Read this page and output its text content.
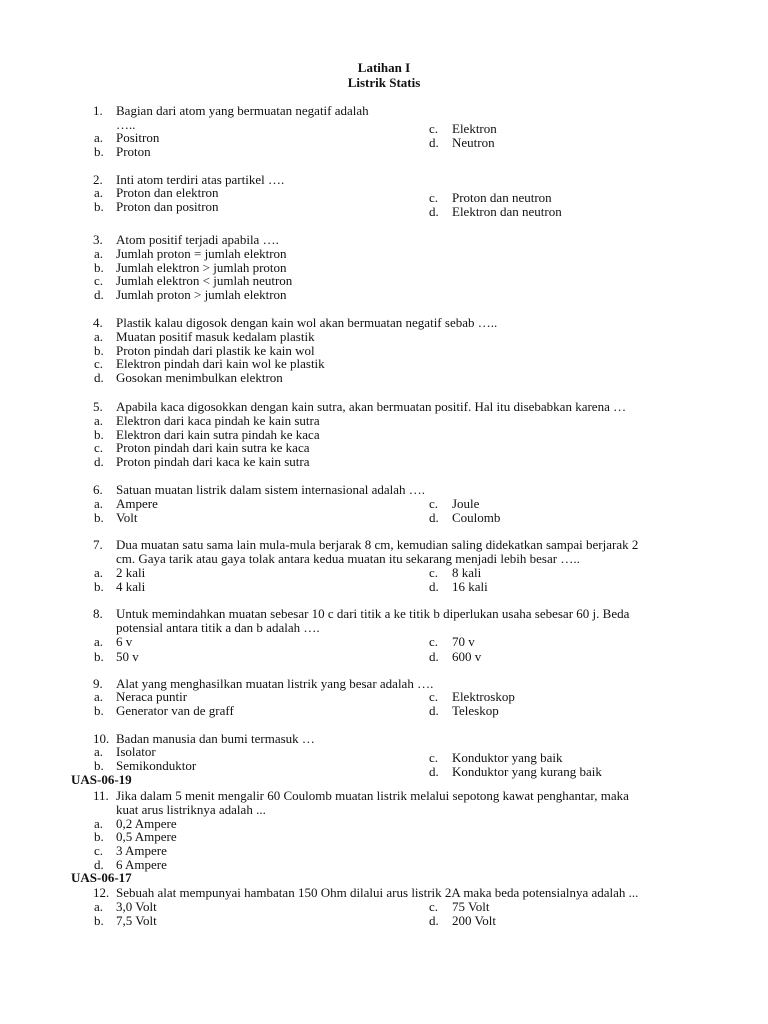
Latihan I
Listrik Statis
1. Bagian dari atom yang bermuatan negatif adalah
…..
a. Positron
b. Proton
c. Elektron
d. Neutron
2. Inti atom terdiri atas partikel ….
a. Proton dan elektron
b. Proton dan positron
c. Proton dan neutron
d. Elektron dan neutron
3. Atom positif terjadi apabila ….
a. Jumlah proton = jumlah elektron
b. Jumlah elektron > jumlah proton
c. Jumlah elektron < jumlah neutron
d. Jumlah proton > jumlah elektron
4. Plastik kalau digosok dengan kain wol akan bermuatan negatif sebab …..
a. Muatan positif masuk kedalam plastik
b. Proton pindah dari plastik ke kain wol
c. Elektron pindah dari kain wol ke plastik
d. Gosokan menimbulkan elektron
5. Apabila kaca digosokkan dengan kain sutra, akan bermuatan positif. Hal itu disebabkan karena …
a. Elektron dari kaca pindah ke kain sutra
b. Elektron dari kain sutra pindah ke kaca
c. Proton pindah dari kain sutra ke kaca
d. Proton pindah dari kaca ke kain sutra
6. Satuan muatan listrik dalam sistem internasional adalah ….
a. Ampere
b. Volt
c. Joule
d. Coulomb
7. Dua muatan satu sama lain mula-mula berjarak 8 cm, kemudian saling didekatkan sampai berjarak 2
cm. Gaya tarik atau gaya tolak antara kedua muatan itu sekarang menjadi lebih besar …..
a. 2 kali
b. 4 kali
c. 8 kali
d. 16 kali
8. Untuk memindahkan muatan sebesar 10 c dari titik a ke titik b diperlukan usaha sebesar 60 j. Beda
potensial antara titik a dan b adalah ….
a. 6 v
b. 50 v
c. 70 v
d. 600 v
9. Alat yang menghasilkan muatan listrik yang besar adalah ….
a. Neraca puntir
b. Generator van de graff
c. Elektroskop
d. Teleskop
10. Badan manusia dan bumi termasuk …
a. Isolator
b. Semikonduktor
c. Konduktor yang baik
d. Konduktor yang kurang baik
UAS-06-19
11. Jika dalam 5 menit mengalir 60 Coulomb muatan listrik melalui sepotong kawat penghantar, maka
kuat arus listriknya adalah ...
a. 0,2 Ampere
b. 0,5 Ampere
c. 3 Ampere
d. 6 Ampere
UAS-06-17
12. Sebuah alat mempunyai hambatan 150 Ohm dilalui arus listrik 2A maka beda potensialnya adalah ...
a. 3,0 Volt
b. 7,5 Volt
c. 75 Volt
d. 200 Volt
